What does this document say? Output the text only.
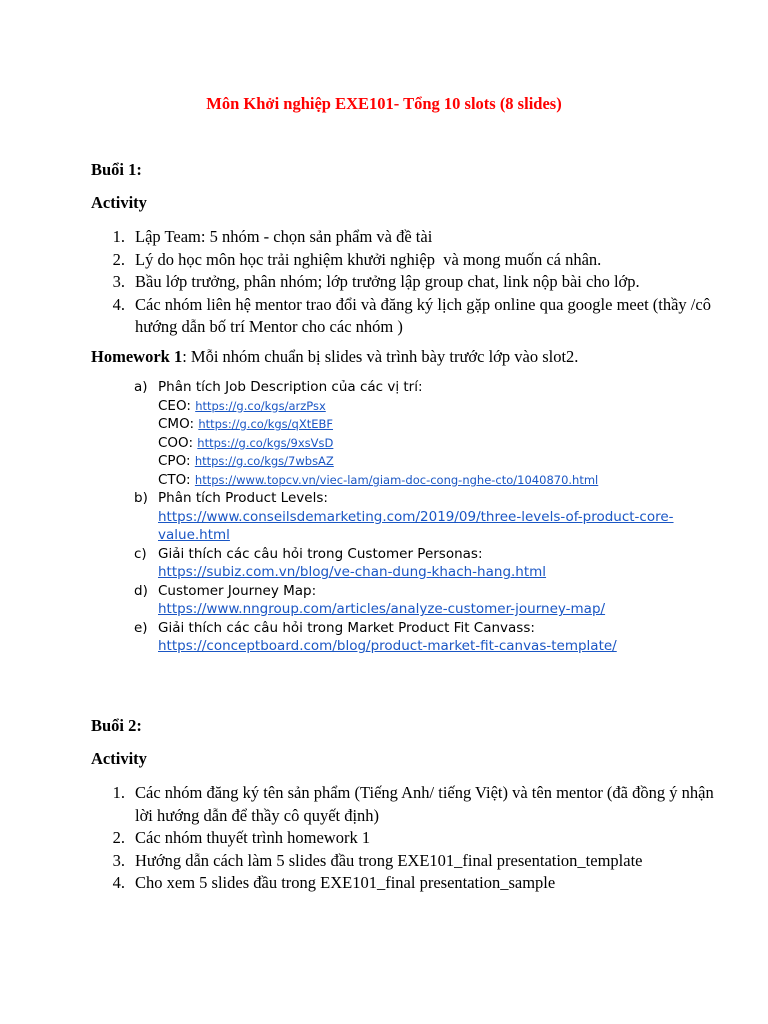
Môn Khởi nghiệp EXE101- Tổng 10 slots (8 slides)
Buổi 1:
Activity
1. Lập Team: 5 nhóm - chọn sản phẩm và đề tài
2. Lý do học môn học trải nghiệm khưởi nghiệp  và mong muốn cá nhân.
3. Bầu lớp trưởng, phân nhóm; lớp trưởng lập group chat, link nộp bài cho lớp.
4. Các nhóm liên hệ mentor trao đổi và đăng ký lịch gặp online qua google meet (thầy /cô hướng dẫn bố trí Mentor cho các nhóm )
Homework 1: Mỗi nhóm chuẩn bị slides và trình bày trước lớp vào slot2.
a) Phân tích Job Description của các vị trí:
CEO: https://g.co/kgs/arzPsx
CMO: https://g.co/kgs/qXtEBF
COO: https://g.co/kgs/9xsVsD
CPO: https://g.co/kgs/7wbsAZ
CTO: https://www.topcv.vn/viec-lam/giam-doc-cong-nghe-cto/1040870.html
b) Phân tích Product Levels:
https://www.conseilsdemarketing.com/2019/09/three-levels-of-product-core-value.html
c) Giải thích các câu hỏi trong Customer Personas:
https://subiz.com.vn/blog/ve-chan-dung-khach-hang.html
d) Customer Journey Map:
https://www.nngroup.com/articles/analyze-customer-journey-map/
e) Giải thích các câu hỏi trong Market Product Fit Canvass:
https://conceptboard.com/blog/product-market-fit-canvas-template/
Buổi 2:
Activity
1. Các nhóm đăng ký tên sản phẩm (Tiếng Anh/ tiếng Việt) và tên mentor (đã đồng ý nhận lời hướng dẫn để thầy cô quyết định)
2. Các nhóm thuyết trình homework 1
3. Hướng dẫn cách làm 5 slides đầu trong EXE101_final presentation_template
4. Cho xem 5 slides đầu trong EXE101_final presentation_sample
